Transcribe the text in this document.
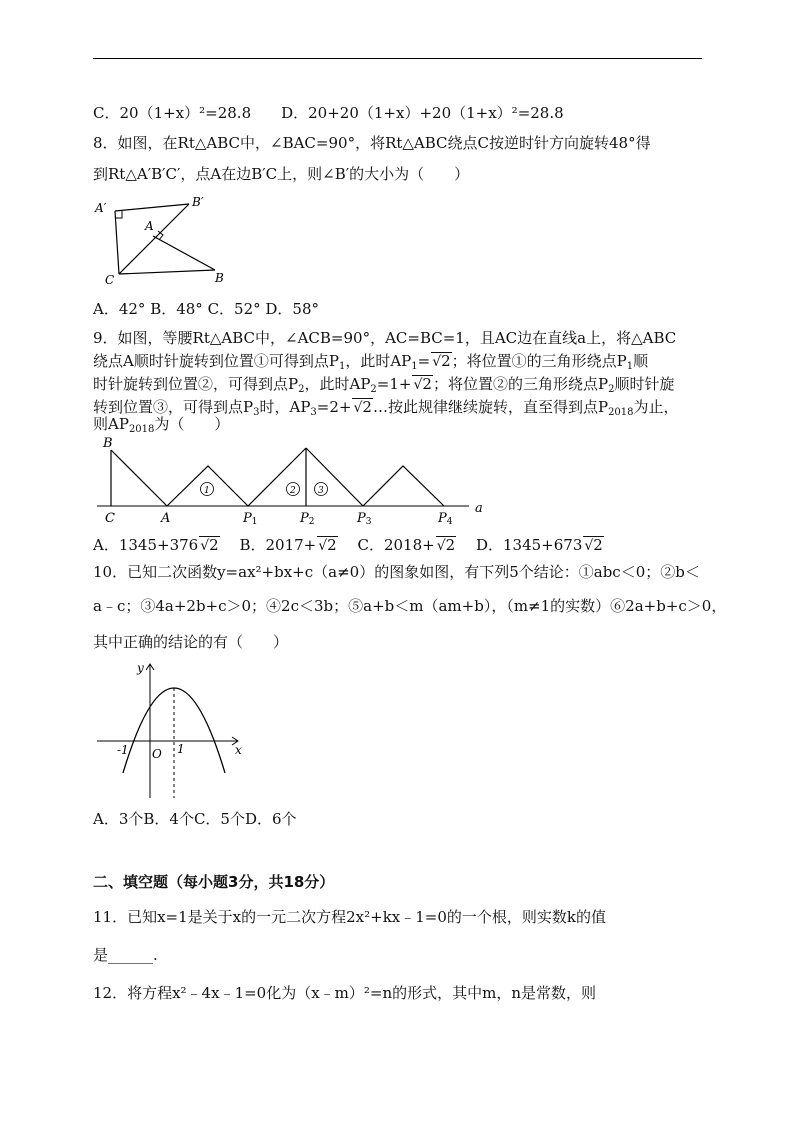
C．20（1+x）²=28.8　　D．20+20（1+x）+20（1+x）²=28.8
8．如图，在Rt△ABC中，∠BAC=90°，将Rt△ABC绕点C按逆时针方向旋转48°得
到Rt△A′B′C′，点A在边B′C上，则∠B′的大小为（　　）
A′	B′
A
C	B
A．42° B．48° C．52° D．58°
9．如图，等腰Rt△ABC中，∠ACB=90°，AC=BC=1，且AC边在直线a上，将△ABC
绕点A顺时针旋转到位置①可得到点$P_1$，此时$AP_1= √2$；将位置①的三角形绕点$P_1$顺
时针旋转到位置②，可得到点$P_2$，此时$AP_2=1+ √2$；将位置②的三角形绕点$P_2$顺时针旋
转到位置③，可得到点$P_3$时，$AP_3=2+$ √2…按此规律继续旋转，直至得到点$P_{2018}$为止，
则$AP_{2018}$为（　　）
1	2 3
B
C	A	P1	P2	P3	P4
a
A．1345+376 √2　 B．2017+ √2　 C．2018+ √2　 D．1345+673 √2
10．已知二次函数y=ax²+bx+c（a≠0）的图象如图，有下列5个结论：①abc＜0；②b＜
a﹣c；③4a+2b+c＞0；④2c＜3b；⑤a+b＜m（am+b），（m≠1的实数）⑥2a+b+c＞0，
其中正确的结论的有（　　）
y
x
O
-1	1
A．3个B．4个C．5个D．6个
二、填空题（每小题3分，共18分）
11．已知x=1是关于x的一元二次方程2x²+kx﹣1=0的一个根，则实数k的值
是______.
12．将方程x²﹣4x﹣1=0化为（x﹣m）²=n的形式，其中m，n是常数，则
